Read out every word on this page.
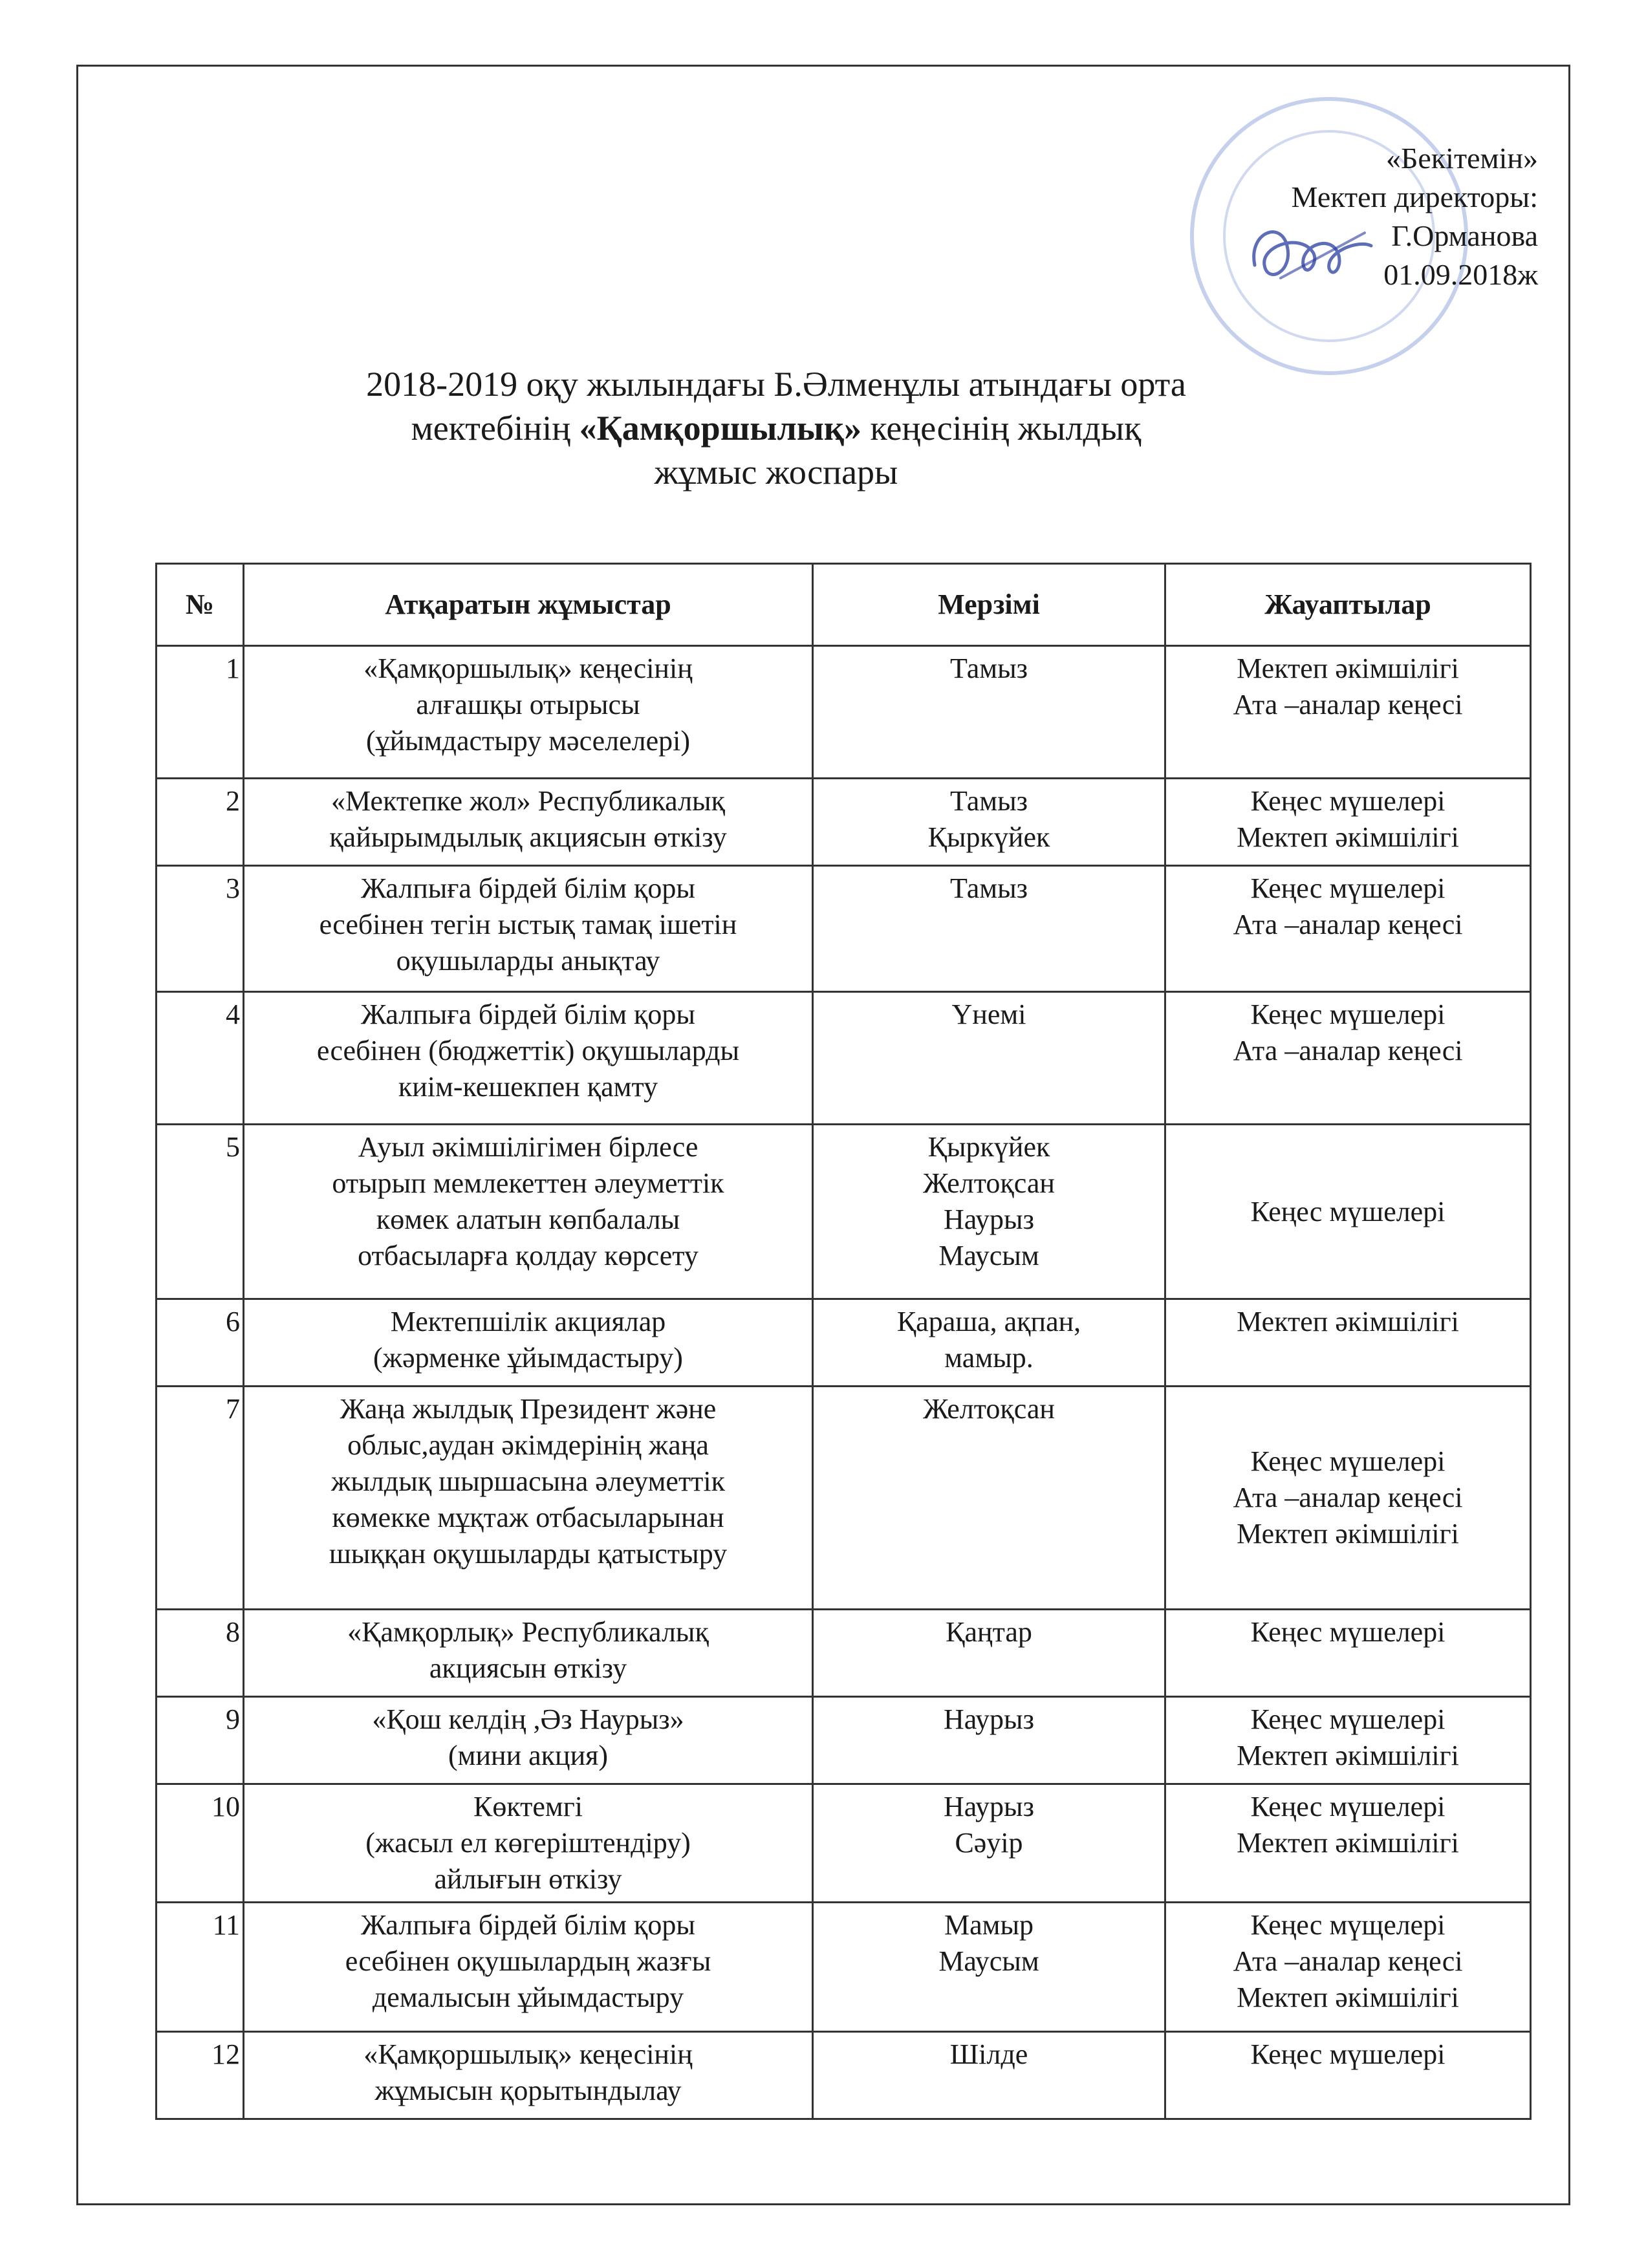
«Бекітемін»
Мектеп директоры:
Г.Орманова
01.09.2018ж
2018-2019 оқу жылындағы Б.Әлменұлы атындағы орта
мектебінің «Қамқоршылық» кеңесінің жылдық
жұмыс жоспары
№	Атқаратын жұмыстар	Мерзімі	Жауаптылар
1	«Қамқоршылық» кеңесінің
алғашқы отырысы
(ұйымдастыру мәселелері)	Тамыз	Мектеп әкімшілігі
Ата –аналар кеңесі

2	«Мектепке жол» Республикалық
қайырымдылық акциясын өткізу	Тамыз
Қыркүйек	Кеңес мүшелері
Мектеп әкімшілігі

3	Жалпыға бірдей білім қоры
есебінен тегін ыстық тамақ ішетін
оқушыларды анықтау	Тамыз	Кеңес мүшелері
Ата –аналар кеңесі

4	Жалпыға бірдей білім қоры
есебінен (бюджеттік) оқушыларды
киім-кешекпен қамту	Үнемі	Кеңес мүшелері
Ата –аналар кеңесі

5	Ауыл әкімшілігімен бірлесе
отырып мемлекеттен әлеуметтік
көмек алатын көпбалалы
отбасыларға қолдау көрсету	Қыркүйек
Желтоқсан
Наурыз
Маусым	Кеңес мүшелері

6	Мектепшілік акциялар
(жәрменке ұйымдастыру)	Қараша, ақпан,
мамыр.	Мектеп әкімшілігі

7	Жаңа жылдық Президент және
облыс,аудан әкімдерінің жаңа
жылдық шыршасына әлеуметтік
көмекке мұқтаж отбасыларынан
шыққан оқушыларды қатыстыру	Желтоқсан	Кеңес мүшелері
Ата –аналар кеңесі
Мектеп әкімшілігі

8	«Қамқорлық» Республикалық
акциясын өткізу	Қаңтар	Кеңес мүшелері

9	«Қош келдің ,Әз Наурыз»
(мини акция)	Наурыз	Кеңес мүшелері
Мектеп әкімшілігі

10	Көктемгі
(жасыл ел көгеріштендіру)
айлығын өткізу	Наурыз
Сәуір	Кеңес мүшелері
Мектеп әкімшілігі

11	Жалпыға бірдей білім қоры
есебінен оқушылардың жазғы
демалысын ұйымдастыру	Мамыр
Маусым	Кеңес мүщелері
Ата –аналар кеңесі
Мектеп әкімшілігі

12	«Қамқоршылық» кеңесінің
жұмысын қорытындылау	Шілде	Кеңес мүшелері
